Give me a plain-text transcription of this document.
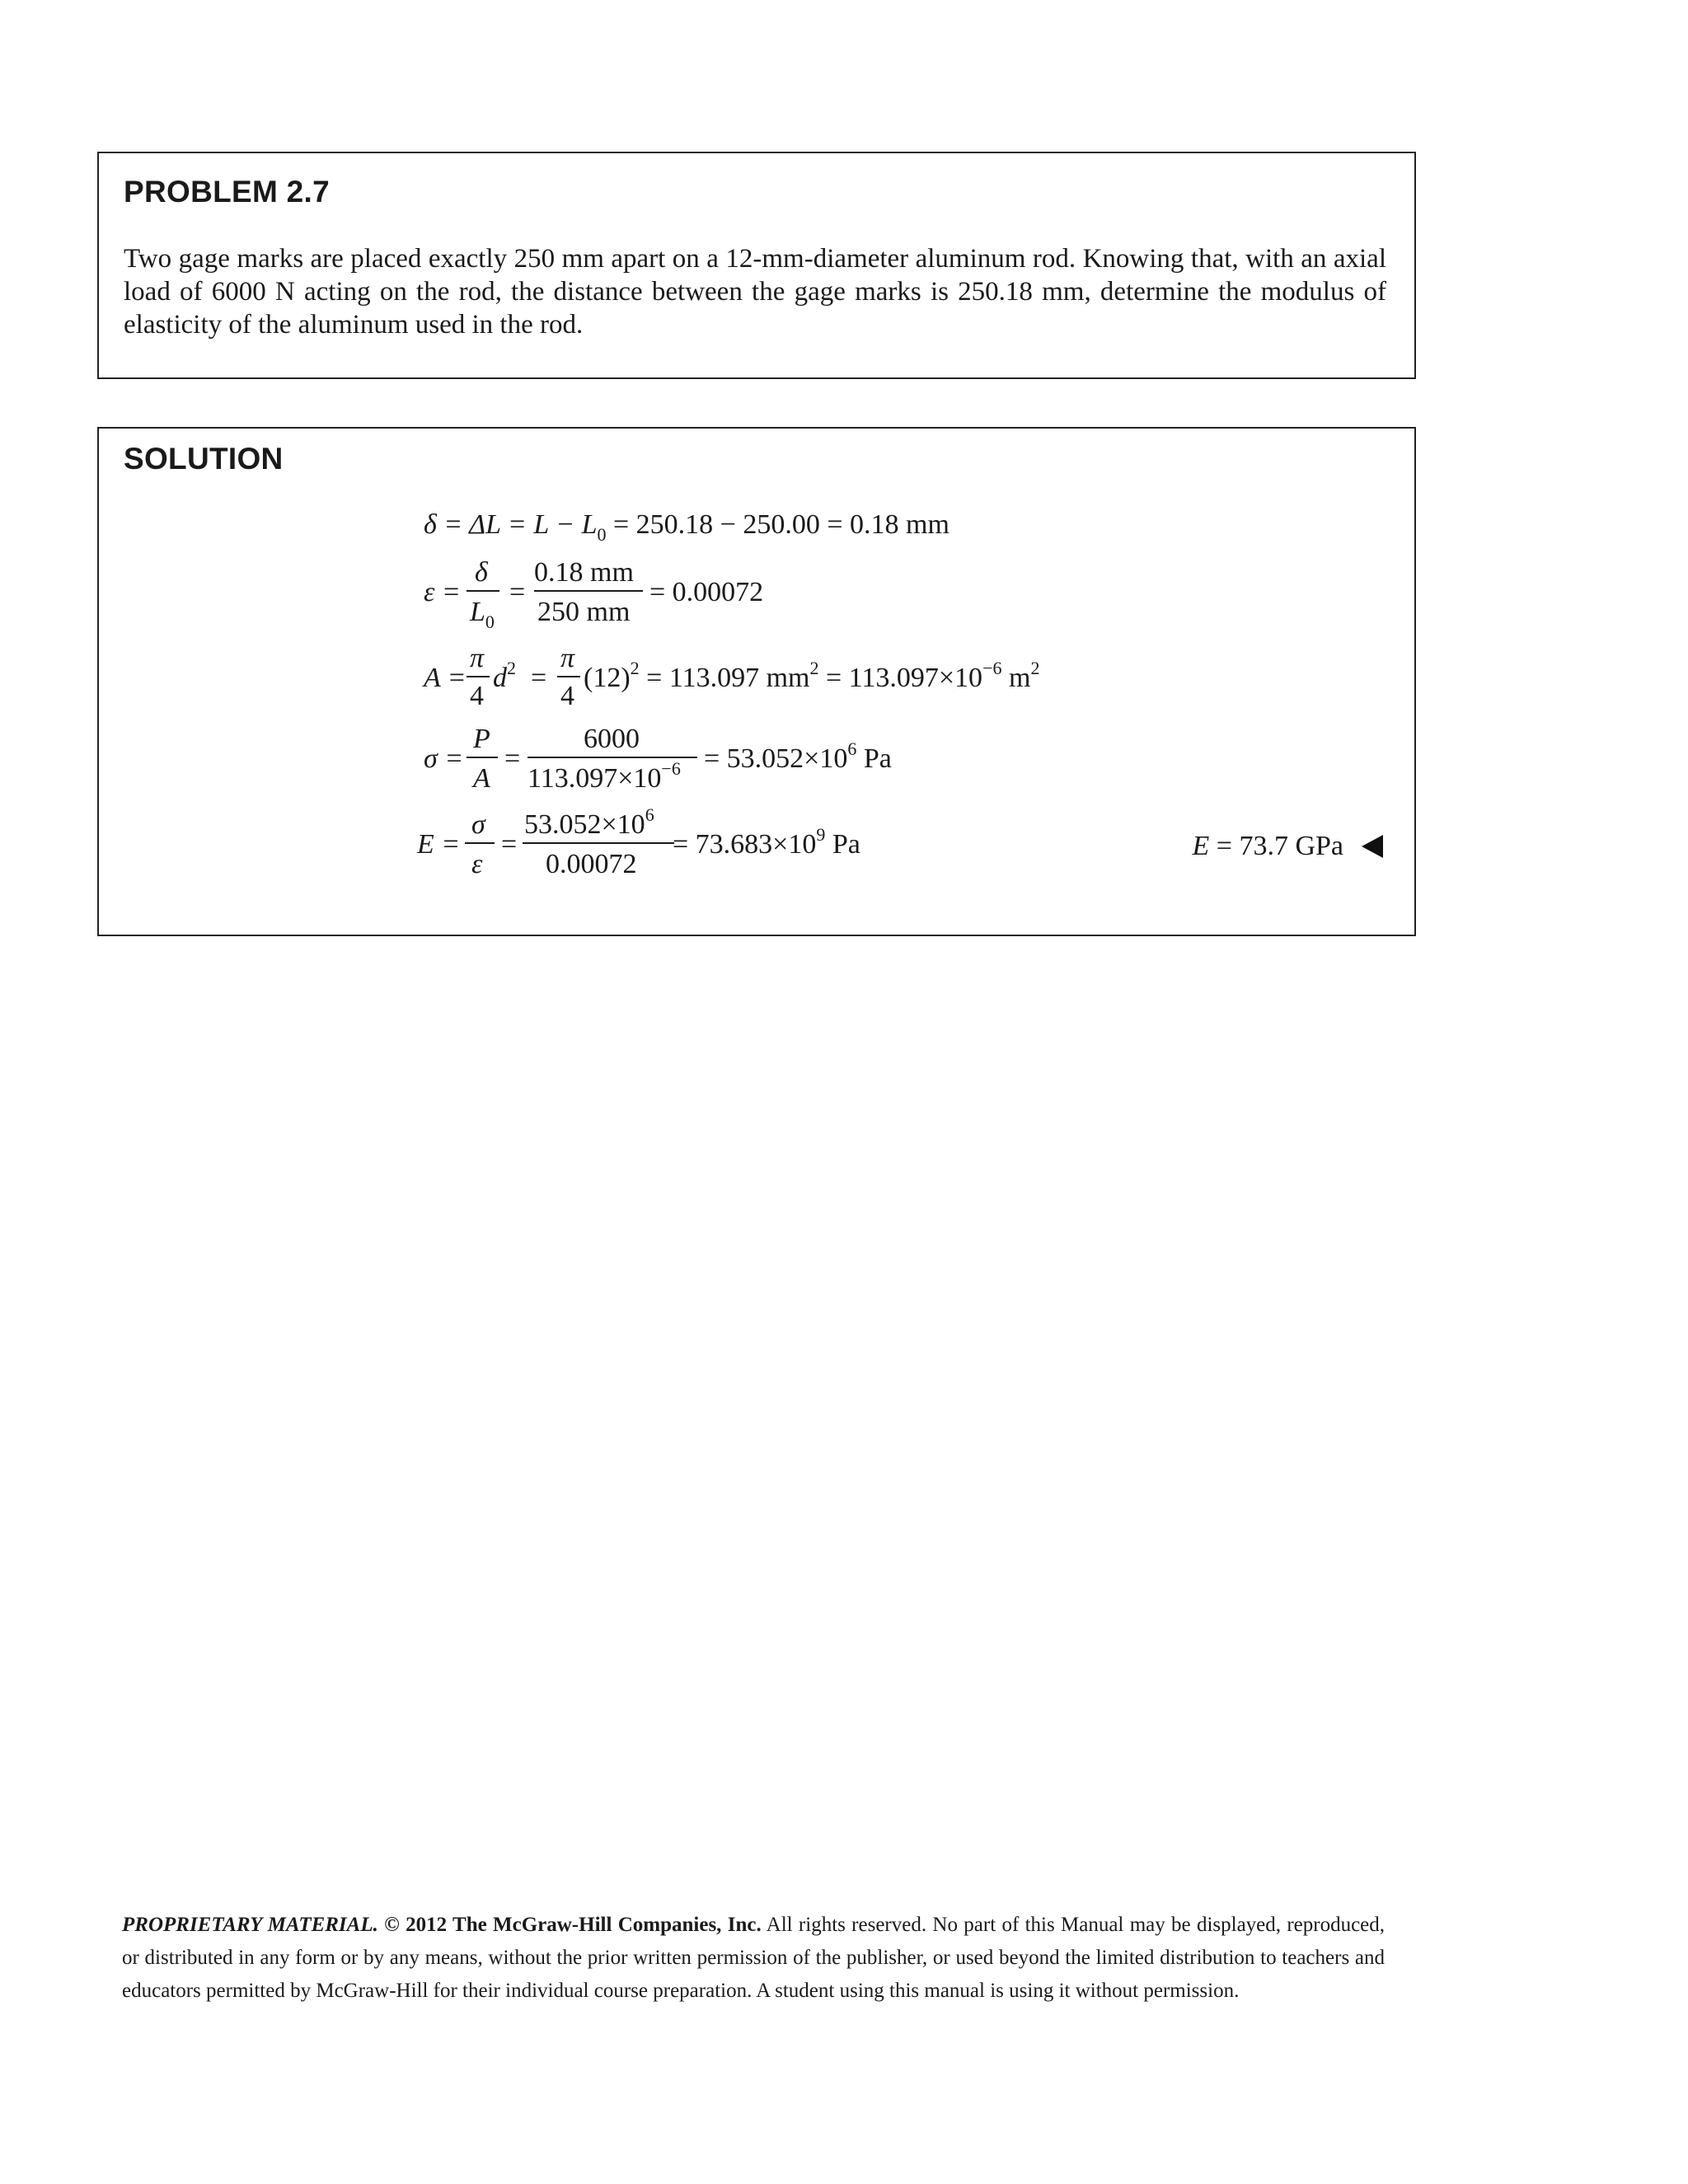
PROBLEM 2.7

Two gage marks are placed exactly 250 mm apart on a 12-mm-diameter aluminum rod. Knowing that, with an axial load of 6000 N acting on the rod, the distance between the gage marks is 250.18 mm, determine the modulus of elasticity of the aluminum used in the rod.

SOLUTION
$\delta = \Delta L = L - L_0 = 250.18 - 250.00 = 0.18$ mm
ε =
δ
$L_0$
=
0.18 mm
250 mm
= 0.00072
A =
π
4
$d^2$ =
π
4
$(12)^2 = 113.097$ $mm^2 = 113.097\times 10^{-6}$ $m^2$
σ =
P
A
=
6000
$113.097\times 10^{-6} = 53.052\times 10^6$ Pa
E =
σ
ε
=
$53.052\times 10^6$
0.00072
= $73.683\times 10^9$ Pa	E = 73.7 GPa

PROPRIETARY MATERIAL. © 2012 The McGraw-Hill Companies, Inc. All rights reserved. No part of this Manual may be displayed, reproduced, or distributed in any form or by any means, without the prior written permission of the publisher, or used beyond the limited distribution to teachers and educators permitted by McGraw-Hill for their individual course preparation. A student using this manual is using it without permission.
